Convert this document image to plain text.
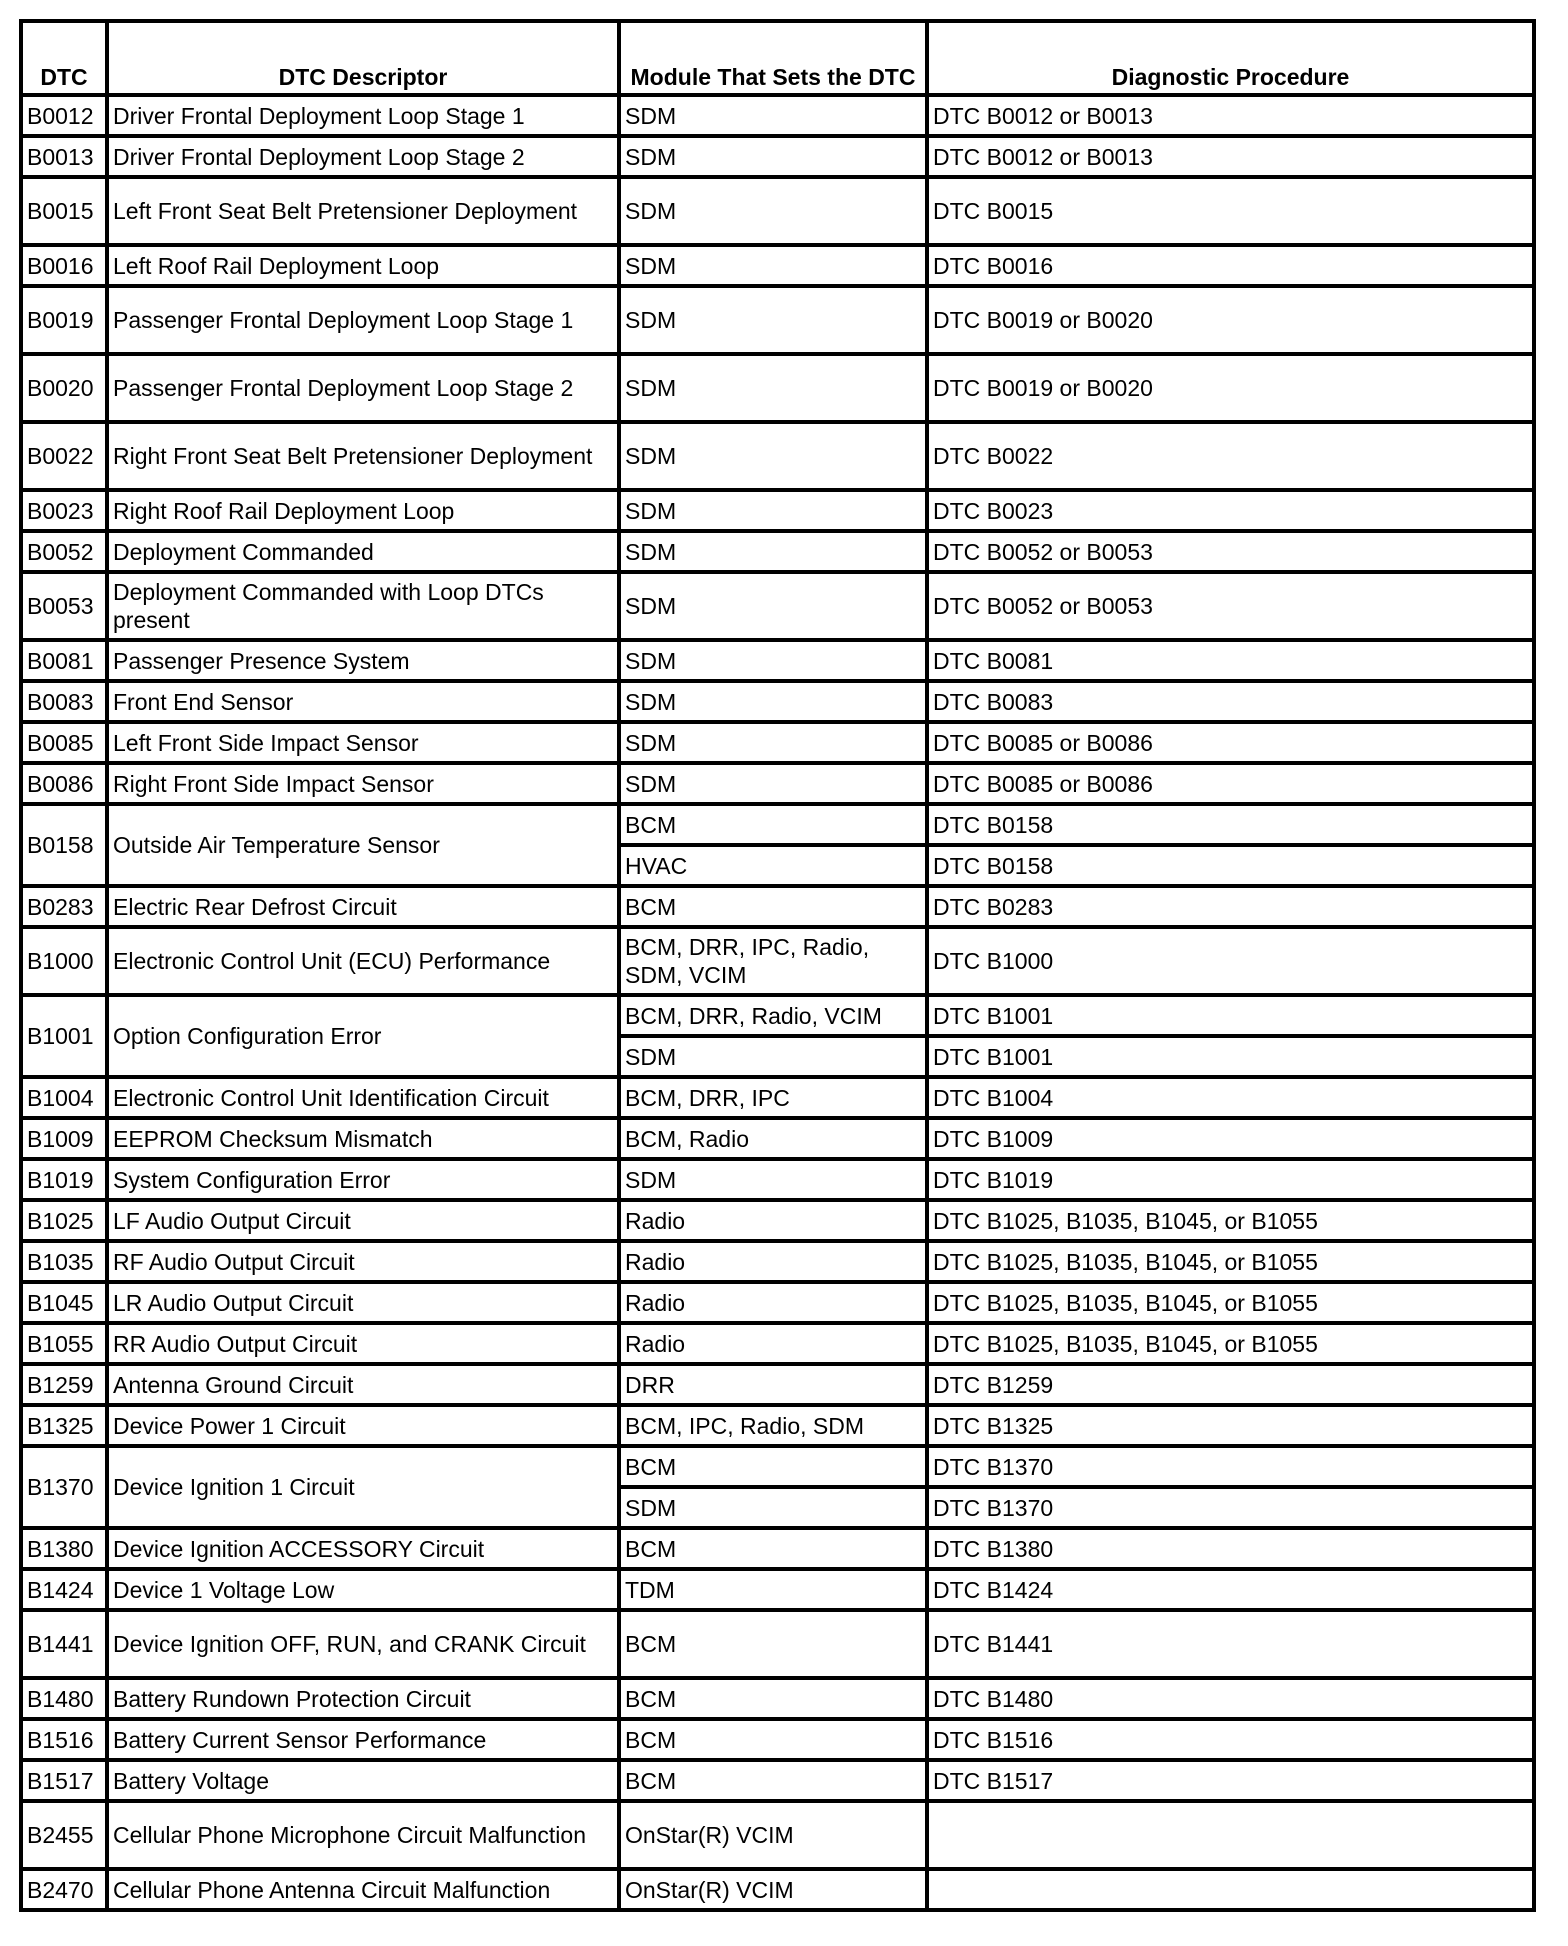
DTC	DTC Descriptor	Module That Sets the DTC	Diagnostic Procedure
B0012	Driver Frontal Deployment Loop Stage 1	SDM	DTC B0012 or B0013
B0013	Driver Frontal Deployment Loop Stage 2	SDM	DTC B0012 or B0013
B0015	Left Front Seat Belt Pretensioner Deployment	SDM	DTC B0015
B0016	Left Roof Rail Deployment Loop	SDM	DTC B0016
B0019	Passenger Frontal Deployment Loop Stage 1	SDM	DTC B0019 or B0020
B0020	Passenger Frontal Deployment Loop Stage 2	SDM	DTC B0019 or B0020
B0022	Right Front Seat Belt Pretensioner Deployment	SDM	DTC B0022
B0023	Right Roof Rail Deployment Loop	SDM	DTC B0023
B0052	Deployment Commanded	SDM	DTC B0052 or B0053
B0053	Deployment Commanded with Loop DTCs present	SDM	DTC B0052 or B0053
B0081	Passenger Presence System	SDM	DTC B0081
B0083	Front End Sensor	SDM	DTC B0083
B0085	Left Front Side Impact Sensor	SDM	DTC B0085 or B0086
B0086	Right Front Side Impact Sensor	SDM	DTC B0085 or B0086
B0158	Outside Air Temperature Sensor	BCM	DTC B0158
		HVAC	DTC B0158
B0283	Electric Rear Defrost Circuit	BCM	DTC B0283
B1000	Electronic Control Unit (ECU) Performance	BCM, DRR, IPC, Radio, SDM, VCIM	DTC B1000
B1001	Option Configuration Error	BCM, DRR, Radio, VCIM	DTC B1001
		SDM	DTC B1001
B1004	Electronic Control Unit Identification Circuit	BCM, DRR, IPC	DTC B1004
B1009	EEPROM Checksum Mismatch	BCM, Radio	DTC B1009
B1019	System Configuration Error	SDM	DTC B1019
B1025	LF Audio Output Circuit	Radio	DTC B1025, B1035, B1045, or B1055
B1035	RF Audio Output Circuit	Radio	DTC B1025, B1035, B1045, or B1055
B1045	LR Audio Output Circuit	Radio	DTC B1025, B1035, B1045, or B1055
B1055	RR Audio Output Circuit	Radio	DTC B1025, B1035, B1045, or B1055
B1259	Antenna Ground Circuit	DRR	DTC B1259
B1325	Device Power 1 Circuit	BCM, IPC, Radio, SDM	DTC B1325
B1370	Device Ignition 1 Circuit	BCM	DTC B1370
		SDM	DTC B1370
B1380	Device Ignition ACCESSORY Circuit	BCM	DTC B1380
B1424	Device 1 Voltage Low	TDM	DTC B1424
B1441	Device Ignition OFF, RUN, and CRANK Circuit	BCM	DTC B1441
B1480	Battery Rundown Protection Circuit	BCM	DTC B1480
B1516	Battery Current Sensor Performance	BCM	DTC B1516
B1517	Battery Voltage	BCM	DTC B1517
B2455	Cellular Phone Microphone Circuit Malfunction	OnStar(R) VCIM	
B2470	Cellular Phone Antenna Circuit Malfunction	OnStar(R) VCIM	
